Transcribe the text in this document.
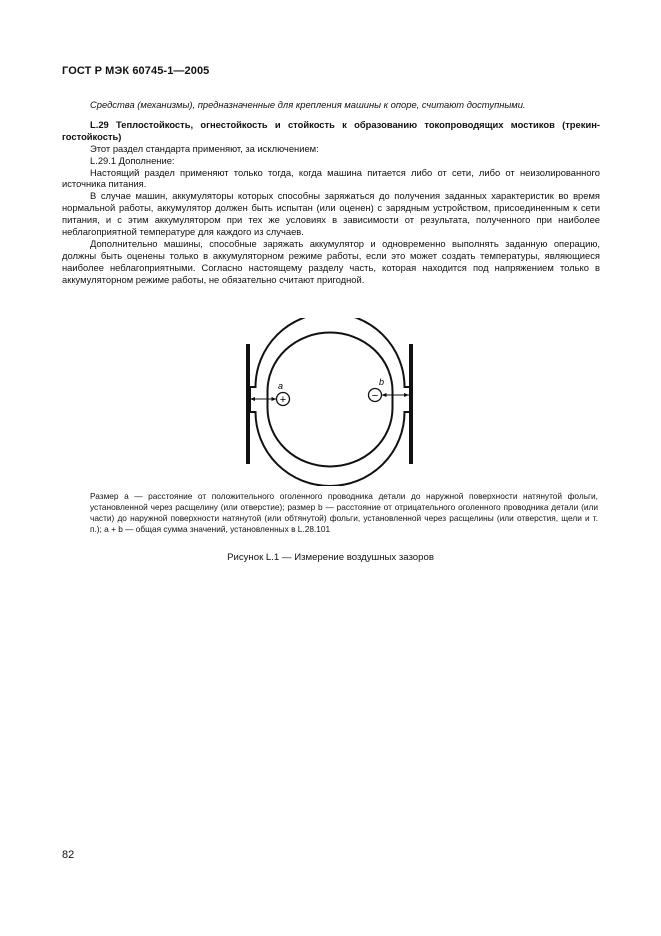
ГОСТ Р МЭК 60745-1—2005

Средства (механизмы), предназначенные для крепления машины к опоре, считают доступными.

L.29 Теплостойкость, огнестойкость и стойкость к образованию токопроводящих мостиков (трекин-

гостойкость)

Этот раздел стандарта применяют, за исключением:

L.29.1 Дополнение:

Настоящий раздел применяют только тогда, когда машина питается либо от сети, либо от неизолированного источника питания.

В случае машин, аккумуляторы которых способны заряжаться до получения заданных характеристик во время нормальной работы, аккумулятор должен быть испытан (или оценен) с зарядным устройством, присоединенным к сети питания, и с этим аккумулятором при тех же условиях в зависимости от результата, полученного при наиболее неблагоприятной температуре для каждого из случаев.

Дополнительно машины, способные заряжать аккумулятор и одновременно выполнять заданную операцию, должны быть оценены только в аккумуляторном режиме работы, если это может создать температуры, являющиеся наиболее неблагоприятными. Согласно настоящему разделу часть, которая находится под напряжением только в аккумуляторном режиме работы, не обязательно считают пригодной.

+	−
a	b
Размер a — расстояние от положительного оголенного проводника детали до наружной поверхности натянутой фольги, установленной через расщелину (или отверстие); размер b — расстояние от отрицательного оголенного проводника детали (или части) до наружной поверхности натянутой (или обтянутой) фольги, установленной через расщелины (или отверстия, щели и т. п.); a + b — общая сумма значений, установленных в L.28.101
Рисунок L.1 — Измерение воздушных зазоров
82
